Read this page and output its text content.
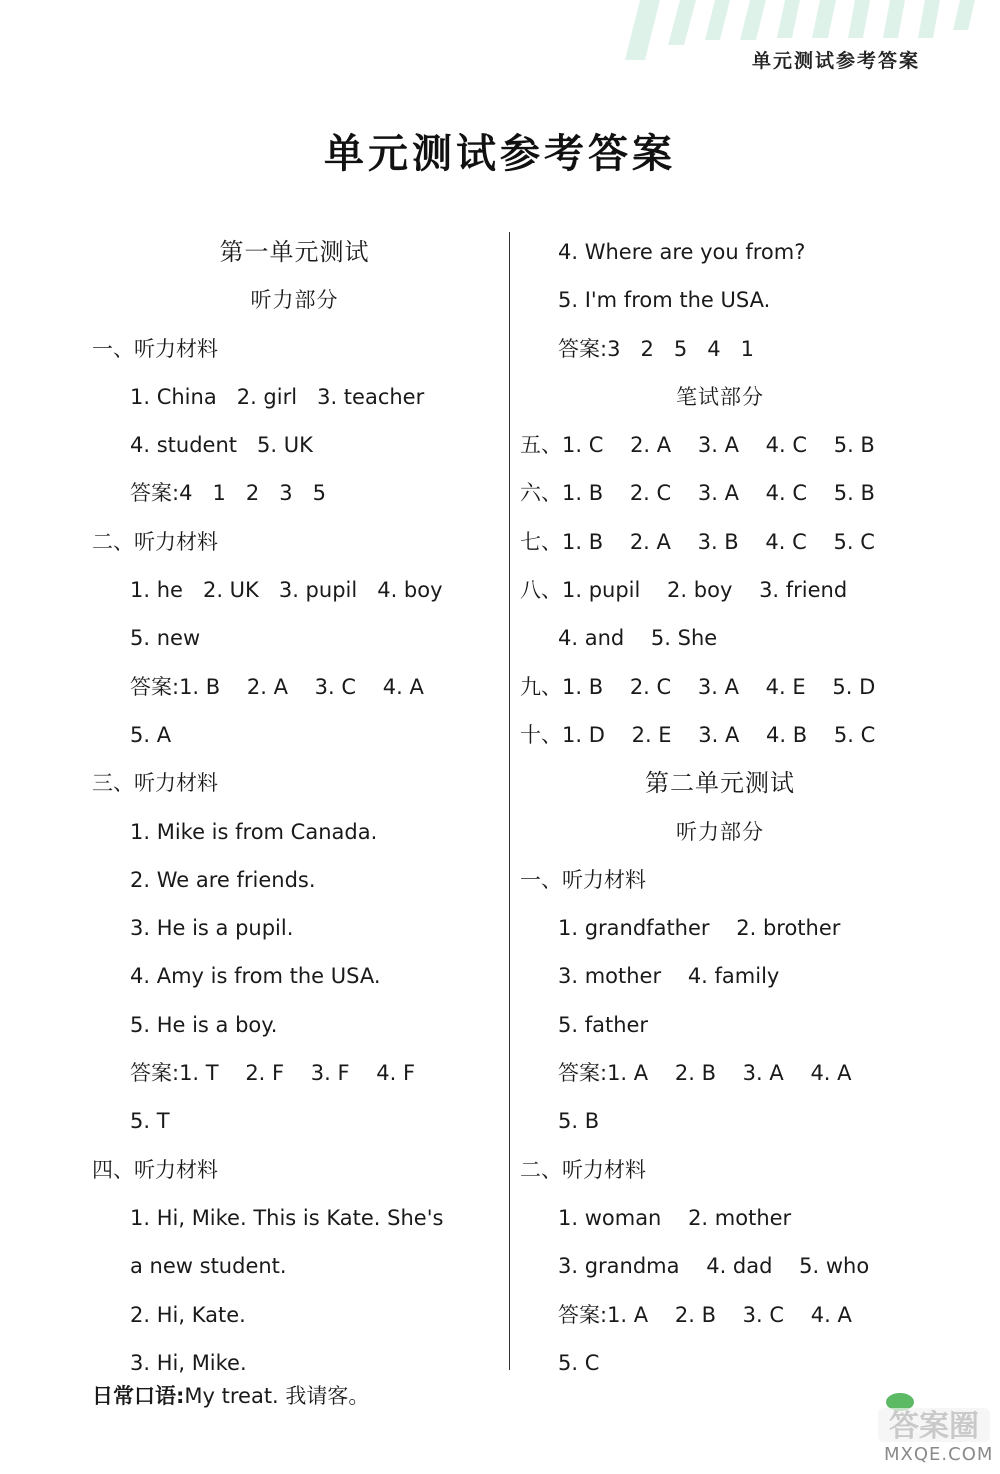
单元测试参考答案
单元测试参考答案
第一单元测试
听力部分
一、听力材料
1. China   2. girl   3. teacher
4. student   5. UK
答案:4   1   2   3   5
二、听力材料
1. he   2. UK   3. pupil   4. boy
5. new
答案:1. B    2. A    3. C    4. A
5. A
三、听力材料
1. Mike is from Canada.
2. We are friends.
3. He is a pupil.
4. Amy is from the USA.
5. He is a boy.
答案:1. T    2. F    3. F    4. F
5. T
四、听力材料
1. Hi, Mike. This is Kate. She's
a new student.
2. Hi, Kate.
3. Hi, Mike.
4. Where are you from?
5. I'm from the USA.
答案:3   2   5   4   1
笔试部分
五、1. C    2. A    3. A    4. C    5. B
六、1. B    2. C    3. A    4. C    5. B
七、1. B    2. A    3. B    4. C    5. C
八、1. pupil    2. boy    3. friend
4. and    5. She
九、1. B    2. C    3. A    4. E    5. D
十、1. D    2. E    3. A    4. B    5. C
第二单元测试
听力部分
一、听力材料
1. grandfather    2. brother
3. mother    4. family
5. father
答案:1. A    2. B    3. A    4. A
5. B
二、听力材料
1. woman    2. mother
3. grandma    4. dad    5. who
答案:1. A    2. B    3. C    4. A
5. C
日常口语:My treat. 我请客。
答案圈
MXQE.COM
